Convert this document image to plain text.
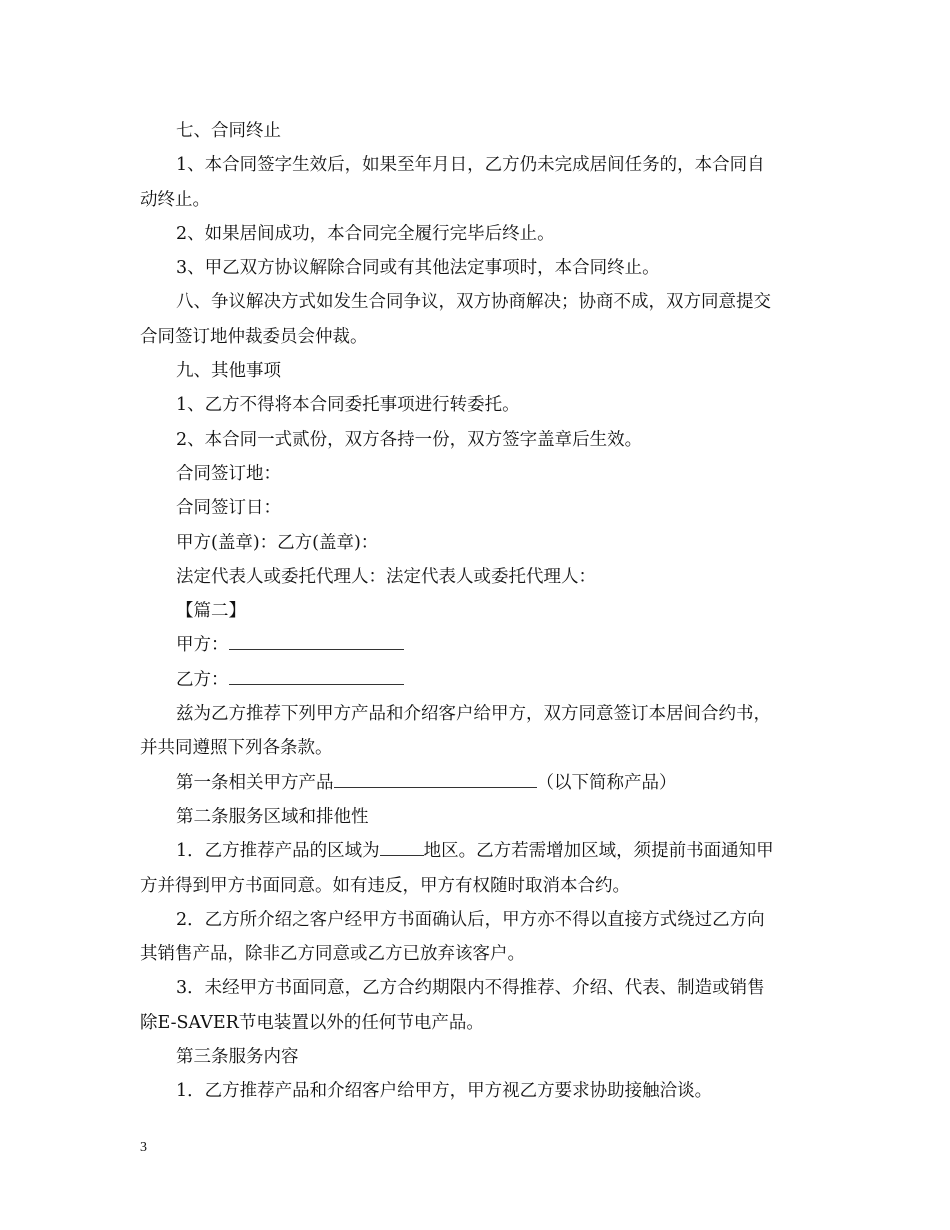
七、合同终止
1、本合同签字生效后，如果至年月日，乙方仍未完成居间任务的，本合同自
动终止。
2、如果居间成功，本合同完全履行完毕后终止。
3、甲乙双方协议解除合同或有其他法定事项时，本合同终止。
八、争议解决方式如发生合同争议，双方协商解决；协商不成，双方同意提交
合同签订地仲裁委员会仲裁。
九、其他事项
1、乙方不得将本合同委托事项进行转委托。
2、本合同一式贰份，双方各持一份，双方签字盖章后生效。
合同签订地：
合同签订日：
甲方(盖章)：乙方(盖章)：
法定代表人或委托代理人：法定代表人或委托代理人：
【篇二】
甲方：
乙方：
兹为乙方推荐下列甲方产品和介绍客户给甲方，双方同意签订本居间合约书，
并共同遵照下列各条款。
第一条相关甲方产品	（以下简称产品）
第二条服务区域和排他性
1．乙方推荐产品的区域为	地区。乙方若需增加区域，须提前书面通知甲
方并得到甲方书面同意。如有违反，甲方有权随时取消本合约。
2．乙方所介绍之客户经甲方书面确认后，甲方亦不得以直接方式绕过乙方向
其销售产品，除非乙方同意或乙方已放弃该客户。
3．未经甲方书面同意，乙方合约期限内不得推荐、介绍、代表、制造或销售
除E-SAVER节电装置以外的任何节电产品。
第三条服务内容
1．乙方推荐产品和介绍客户给甲方，甲方视乙方要求协助接触洽谈。
3
